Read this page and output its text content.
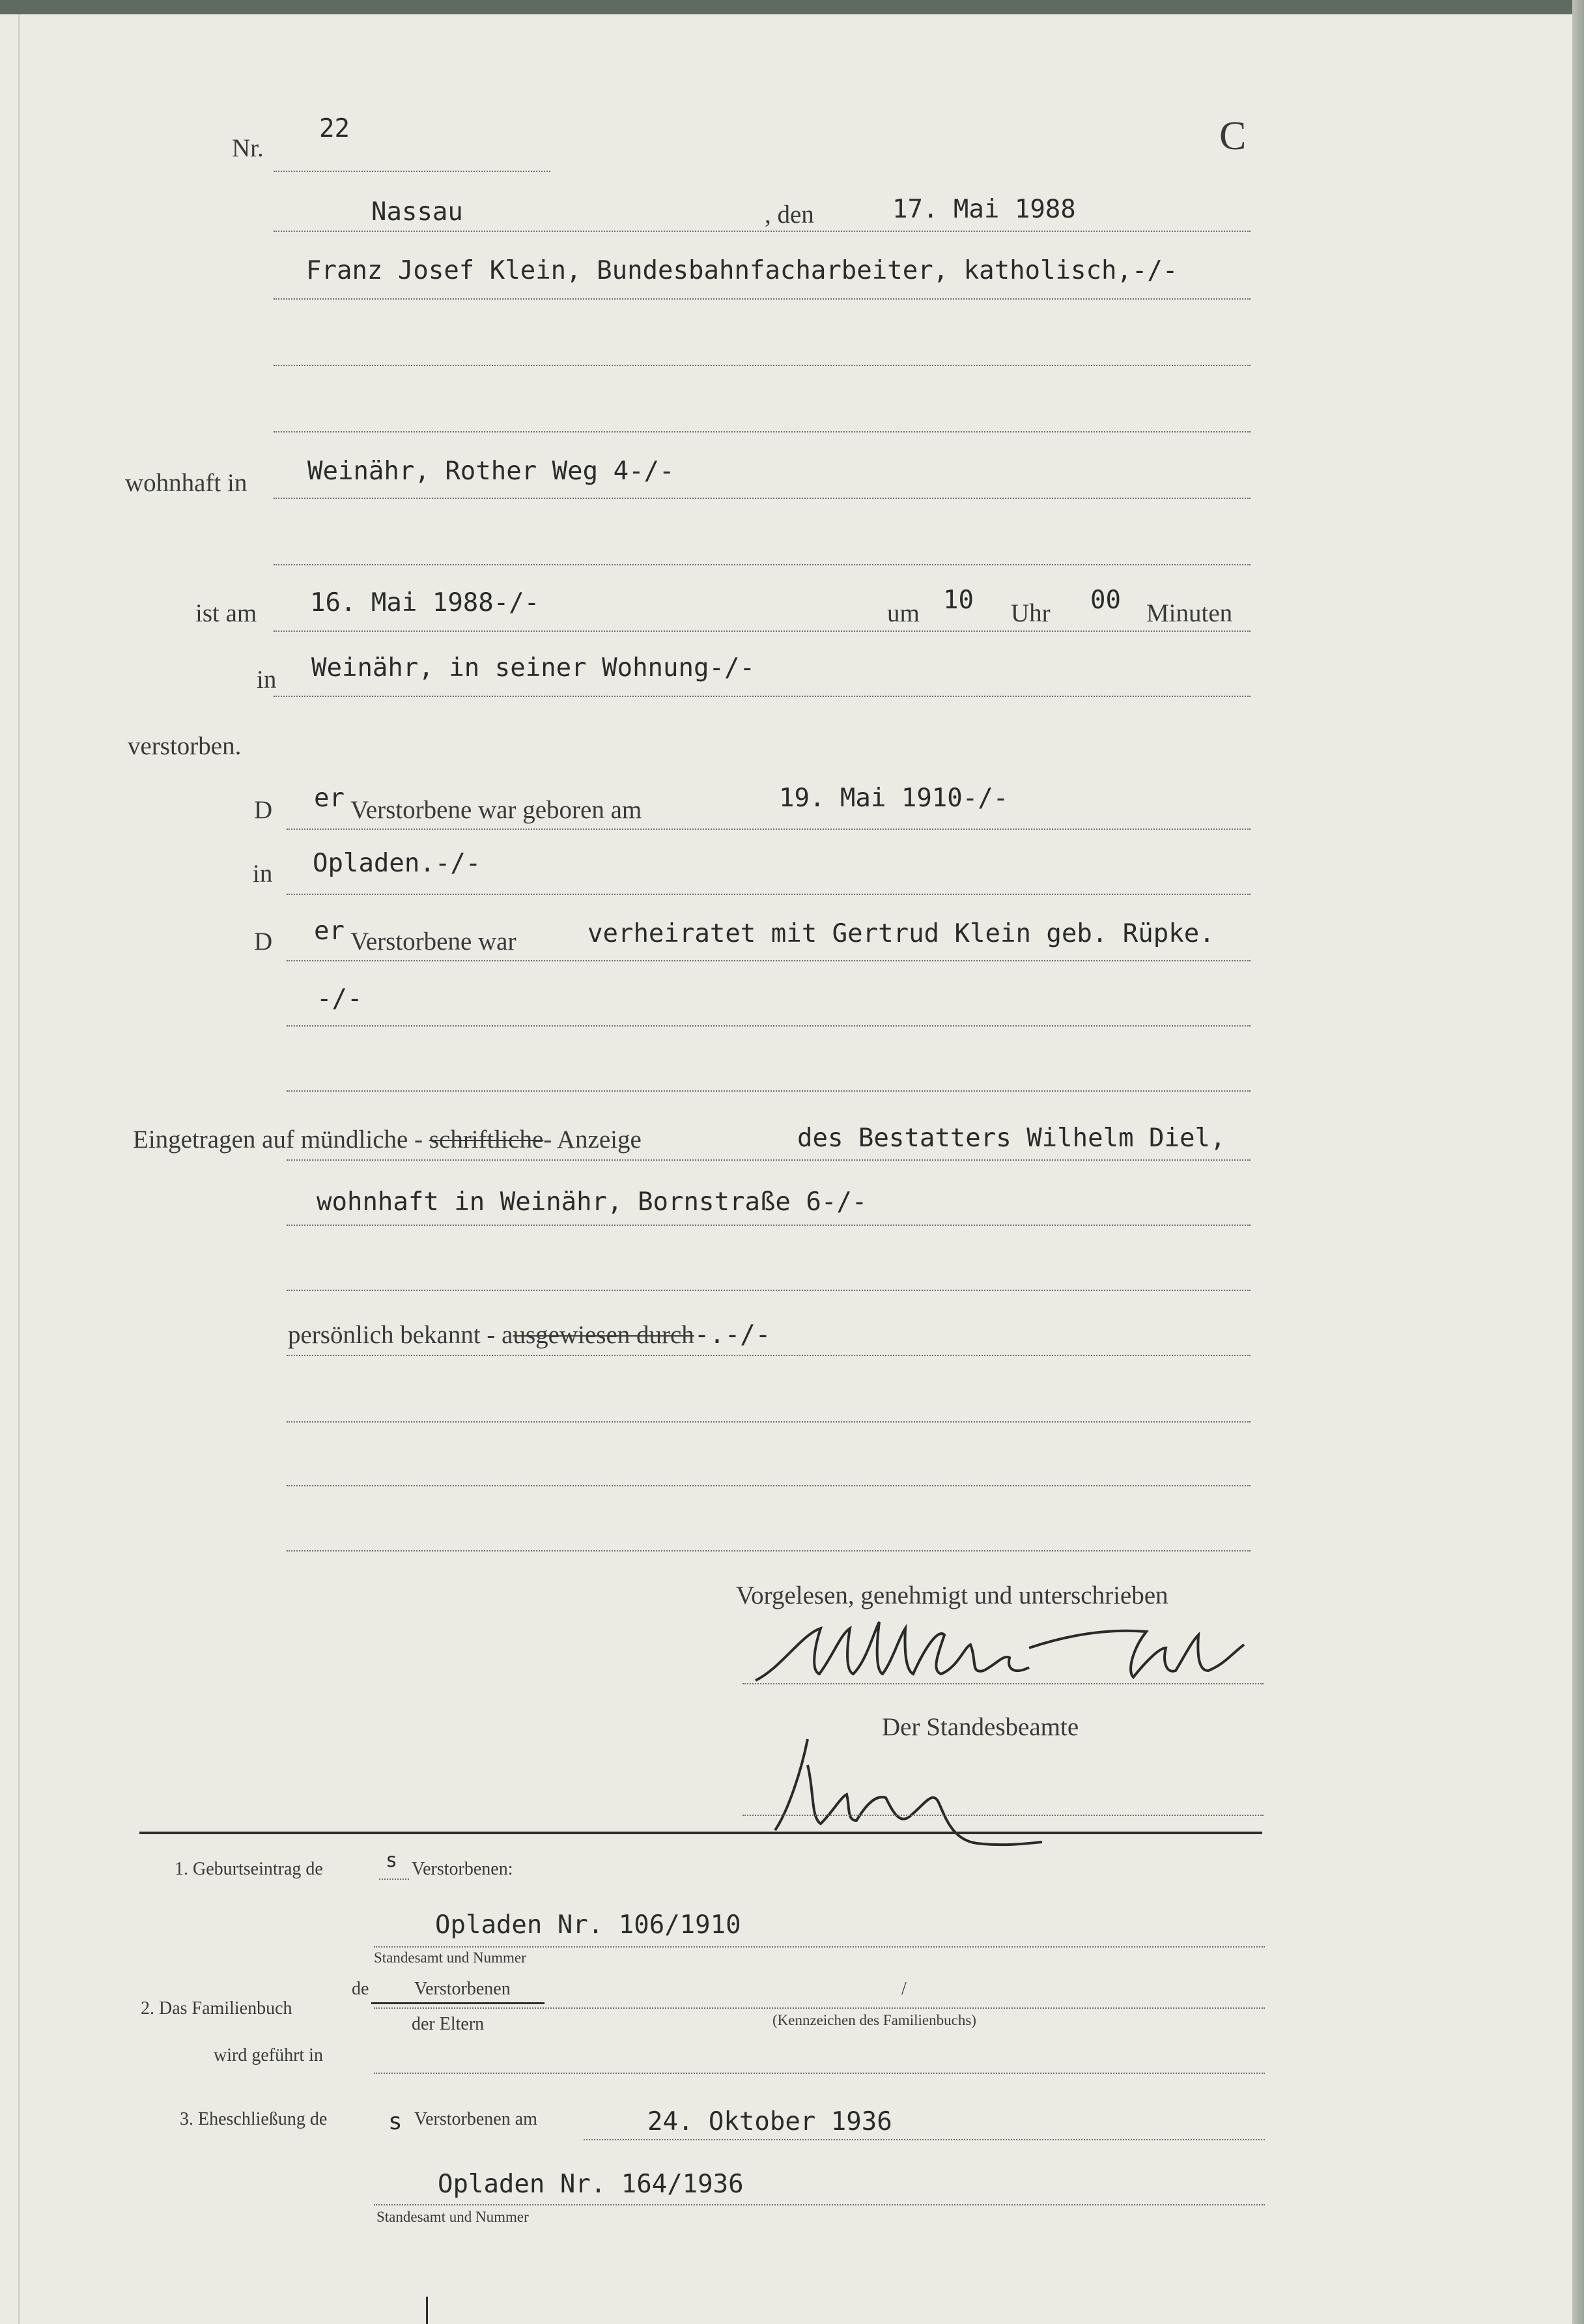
Nr.
22	C
Nassau	, den	17. Mai 1988
Franz Josef Klein, Bundesbahnfacharbeiter, katholisch,-/-
wohnhaft in Weinähr, Rother Weg 4-/-
ist am 16. Mai 1988-/-	um 10 Uhr 00 Minuten
in Weinähr, in seiner Wohnung-/-
verstorben.
D er Verstorbene war geboren am	19. Mai 1910-/-
in Opladen.-/-
D er Verstorbene war	verheiratet mit Gertrud Klein geb. Rüpke.
-/-
Eingetragen auf mündliche - schriftliche- Anzeige	des Bestatters Wilhelm Diel,
wohnhaft in Weinähr, Bornstraße 6-/-
persönlich bekannt - ausgewiesen durch-.-/-
Vorgelesen, genehmigt und unterschrieben
Der Standesbeamte
1. Geburtseintrag de	s Verstorbenen:
Opladen Nr. 106/1910
Standesamt und Nummer
2. Das Familienbuch
de Verstorbenen	/
der Eltern	(Kennzeichen des Familienbuchs)
wird geführt in
3. Eheschließung de	s Verstorbenen am	24. Oktober 1936
Opladen Nr. 164/1936
Standesamt und Nummer
